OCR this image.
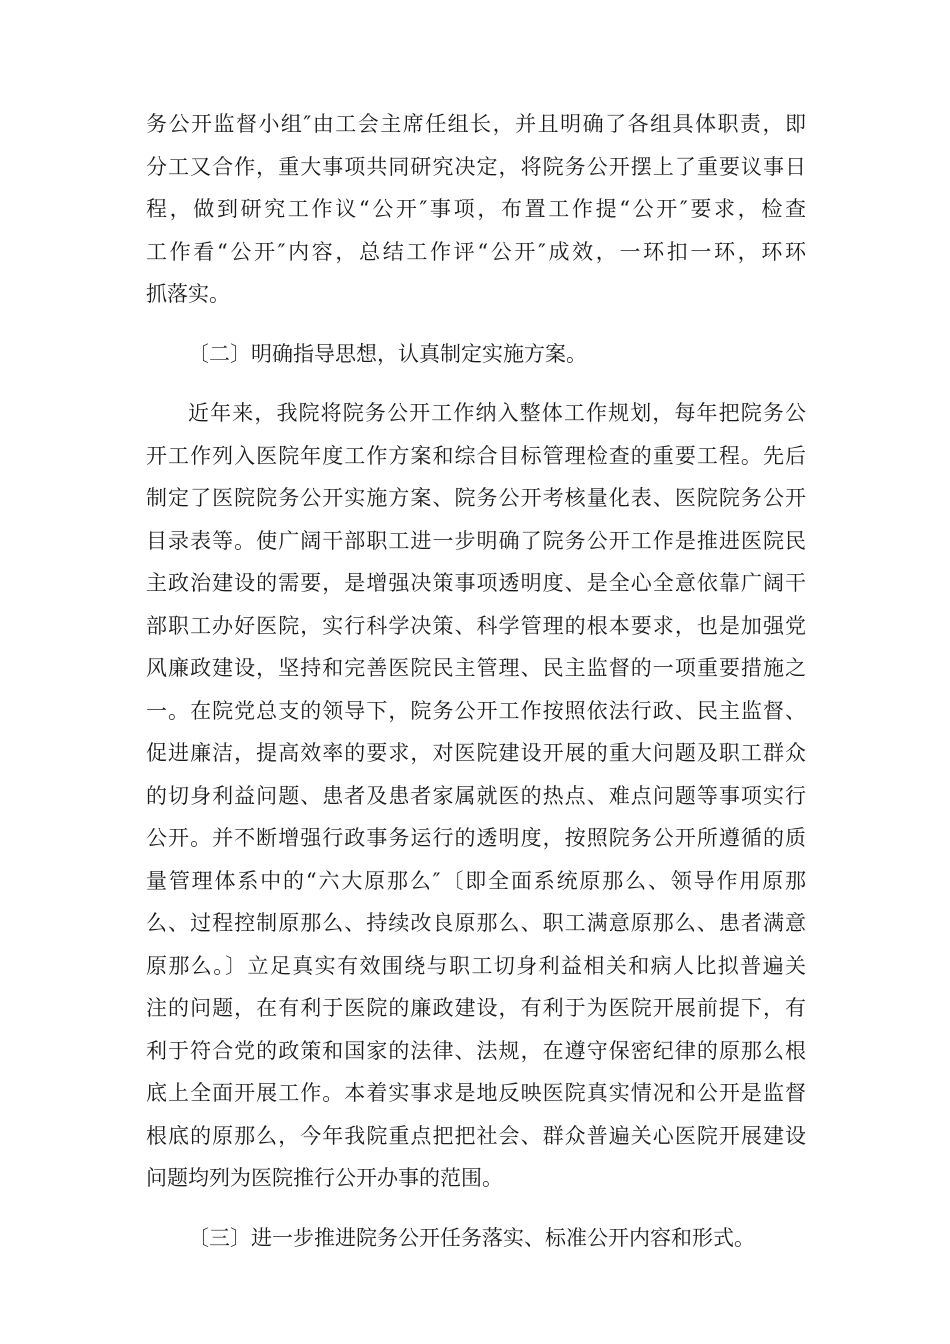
务公开监督小组″由工会主席任组长，并且明确了各组具体职责，即
分工又合作，重大事项共同研究决定，将院务公开摆上了重要议事日
程，做到研究工作议“公开″事项，布置工作提“公开″要求，检查
工作看“公开″内容，总结工作评“公开″成效，一环扣一环，环环
抓落实。
〔二〕明确指导思想，认真制定实施方案。
近年来，我院将院务公开工作纳入整体工作规划，每年把院务公
开工作列入医院年度工作方案和综合目标管理检查的重要工程。先后
制定了医院院务公开实施方案、院务公开考核量化表、医院院务公开
目录表等。使广阔干部职工进一步明确了院务公开工作是推进医院民
主政治建设的需要，是增强决策事项透明度、是全心全意依靠广阔干
部职工办好医院，实行科学决策、科学管理的根本要求，也是加强党
风廉政建设，坚持和完善医院民主管理、民主监督的一项重要措施之
一。在院党总支的领导下，院务公开工作按照依法行政、民主监督、
促进廉洁，提高效率的要求，对医院建设开展的重大问题及职工群众
的切身利益问题、患者及患者家属就医的热点、难点问题等事项实行
公开。并不断增强行政事务运行的透明度，按照院务公开所遵循的质
量管理体系中的“六大原那么″〔即全面系统原那么、领导作用原那
么、过程控制原那么、持续改良原那么、职工满意原那么、患者满意
原那么。〕立足真实有效围绕与职工切身利益相关和病人比拟普遍关
注的问题，在有利于医院的廉政建设，有利于为医院开展前提下，有
利于符合党的政策和国家的法律、法规，在遵守保密纪律的原那么根
底上全面开展工作。本着实事求是地反映医院真实情况和公开是监督
根底的原那么，今年我院重点把把社会、群众普遍关心医院开展建设
问题均列为医院推行公开办事的范围。
〔三〕进一步推进院务公开任务落实、标准公开内容和形式。
